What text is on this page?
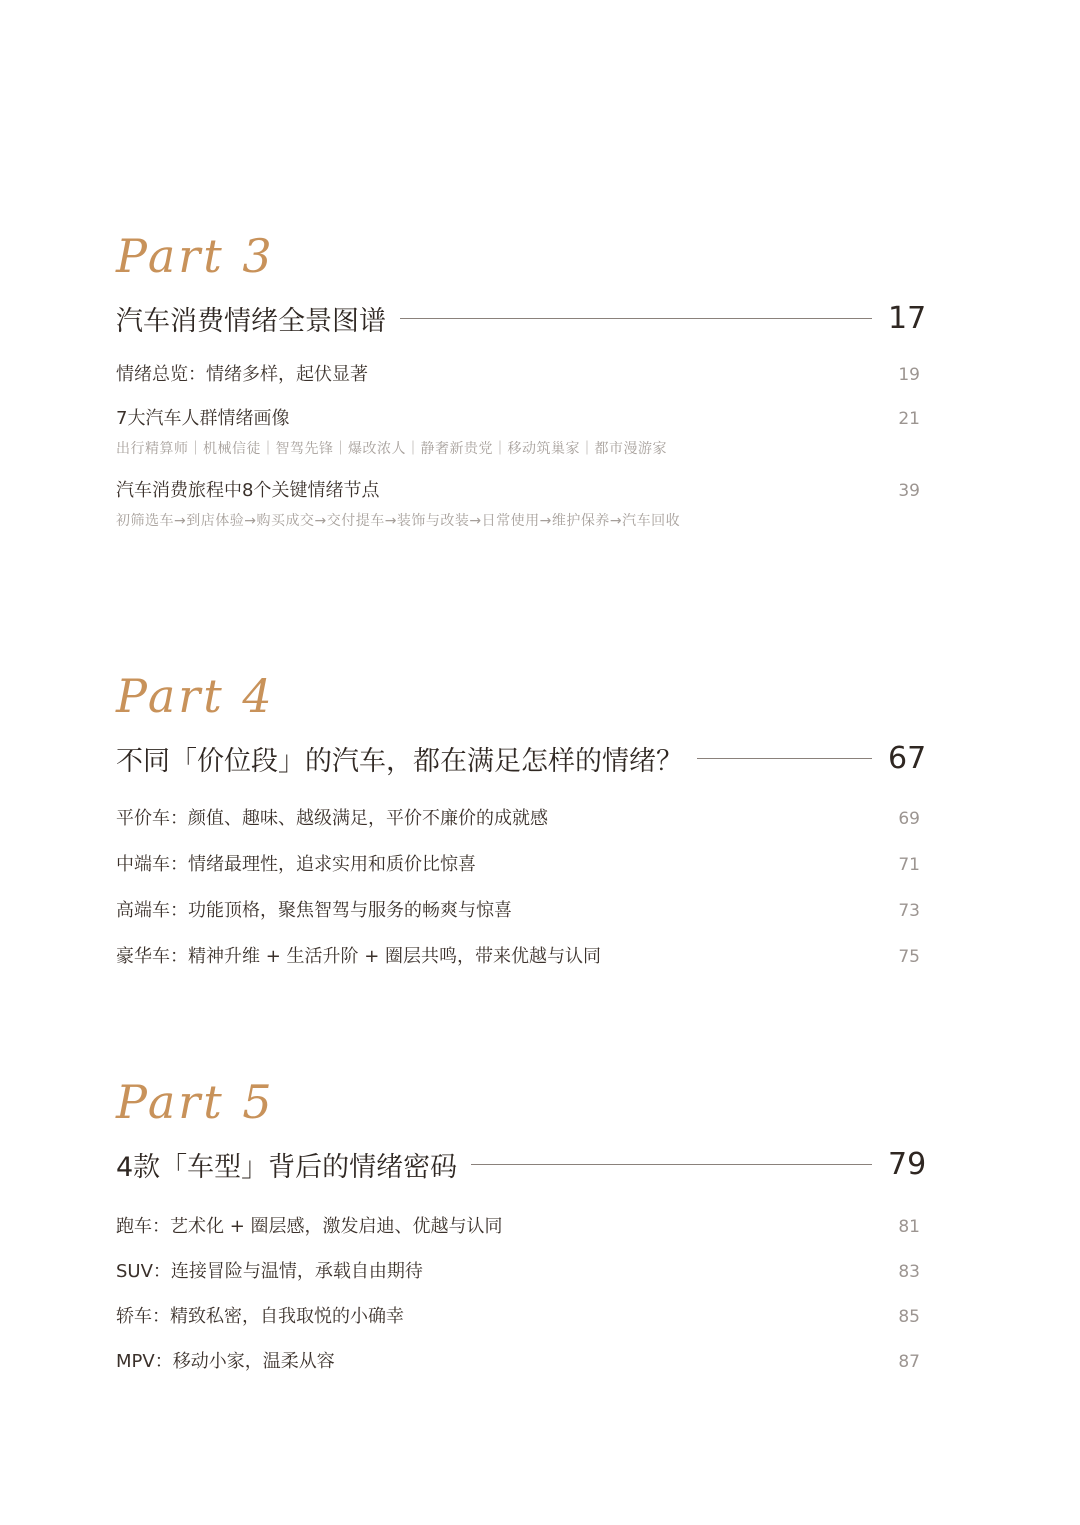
Part 3
汽车消费情绪全景图谱	17
情绪总览：情绪多样，起伏显著	19
7大汽车人群情绪画像	21
出行精算师｜机械信徒｜智驾先锋｜爆改浓人｜静奢新贵党｜移动筑巢家｜都市漫游家
汽车消费旅程中8个关键情绪节点	39
初筛选车→到店体验→购买成交→交付提车→装饰与改装→日常使用→维护保养→汽车回收
Part 4
不同「价位段」的汽车，都在满足怎样的情绪？	67
平价车：颜值、趣味、越级满足，平价不廉价的成就感	69
中端车：情绪最理性，追求实用和质价比惊喜	71
高端车：功能顶格，聚焦智驾与服务的畅爽与惊喜	73
豪华车：精神升维 + 生活升阶 + 圈层共鸣，带来优越与认同	75
Part 5
4款「车型」背后的情绪密码	79
跑车：艺术化 + 圈层感，激发启迪、优越与认同	81
SUV：连接冒险与温情，承载自由期待	83
轿车：精致私密，自我取悦的小确幸	85
MPV：移动小家，温柔从容	87
